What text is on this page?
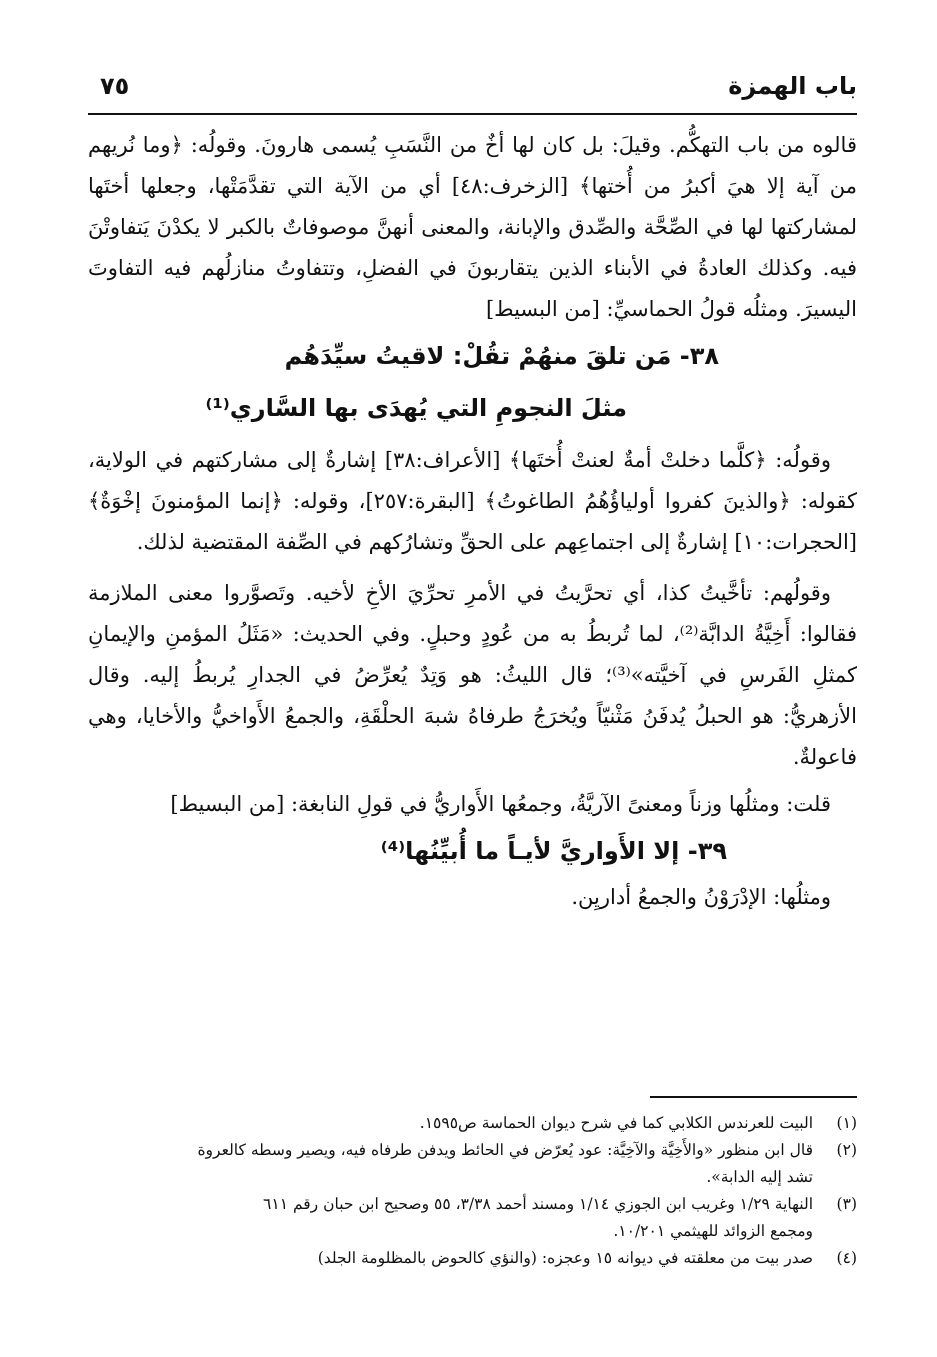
باب الهمزة
٧٥

قالوه من باب التهكُّم. وقيلَ: بل كان لها أخٌ من النَّسَبِ يُسمى هارونَ. وقولُه: ﴿وما نُريهم من آية إلا هيَ أكبرُ من أُختها﴾ [الزخرف:٤٨] أي من الآية التي تقدَّمَتْها، وجعلها أختَها لمشاركتها لها في الصِّحَّة والصِّدق والإبانة، والمعنى أنهنَّ موصوفاتٌ بالكبر لا يكدْنَ يَتفاوتْنَ فيه. وكذلك العادةُ في الأبناء الذين يتقاربونَ في الفضلِ، وتتفاوتُ منازلُهم فيه التفاوتَ اليسيرَ. ومثلُه قولُ الحماسيِّ: [من البسيط]

٣٨- مَن تلقَ منهُمْ تقُلْ: لاقيتُ سيِّدَهُم

مثلَ النجومِ التي يُهدَى بها السَّاري⁽¹⁾

وقولُه: ﴿كلَّما دخلتْ أمةٌ لعنتْ أُختَها﴾ [الأعراف:٣٨] إشارةٌ إلى مشاركتهم في الولاية، كقوله: ﴿والذينَ كفروا أولياؤُهُمُ الطاغوتُ﴾ [البقرة:٢٥٧]، وقوله: ﴿إنما المؤمنونَ إخْوَةٌ﴾ [الحجرات:١٠] إشارةٌ إلى اجتماعِهم على الحقِّ وتشارُكهم في الصِّفة المقتضية لذلك.

وقولُهم: تأخَّيتُ كذا، أي تحرَّيتُ في الأمرِ تحرِّيَ الأخِ لأخيه. وتَصوَّروا معنى الملازمة فقالوا: أَخِيَّةُ الدابَّة⁽²⁾، لما تُربطُ به من عُودٍ وحبلٍ. وفي الحديث: «مَثَلُ المؤمنِ والإيمانِ كمثلِ الفَرسِ في آخيَّته»⁽³⁾؛ قال الليثُ: هو وَتِدٌ يُعرِّضُ في الجدارِ يُربطُ إليه. وقال الأزهريُّ: هو الحبلُ يُدفَنُ مَثْنيّاً ويُخرَجُ طرفاهُ شبهَ الحلْقَةِ، والجمعُ الأَواخيُّ والأخايا، وهي فاعولةٌ.

قلت: ومثلُها وزناً ومعنىً الآريَّةُ، وجمعُها الأَواريُّ في قولِ النابغة: [من البسيط]

٣٩- إلا الأَواريَّ لأيـاً ما أُبيِّنُها⁽⁴⁾

ومثلُها: الإدْرَوْنُ والجمعُ أداريِن.

(١)البيت للعرندس الكلابي كما في شرح ديوان الحماسة ص١٥٩٥.

(٢)قال ابن منظور «والأَخِيَّة والآخِيَّة: عود يُعرّض في الحائط ويدفن طرفاه فيه، ويصير وسطه كالعروة

تشد إليه الدابة».

(٣)النهاية ١/٢٩ وغريب ابن الجوزي ١/١٤ ومسند أحمد ٣/٣٨، ٥٥ وصحيح ابن حبان رقم ٦١١

ومجمع الزوائد للهيثمي ١٠/٢٠١.

(٤)صدر بيت من معلقته في ديوانه ١٥ وعجزه: (والنؤي كالحوض بالمظلومة الجلد)
